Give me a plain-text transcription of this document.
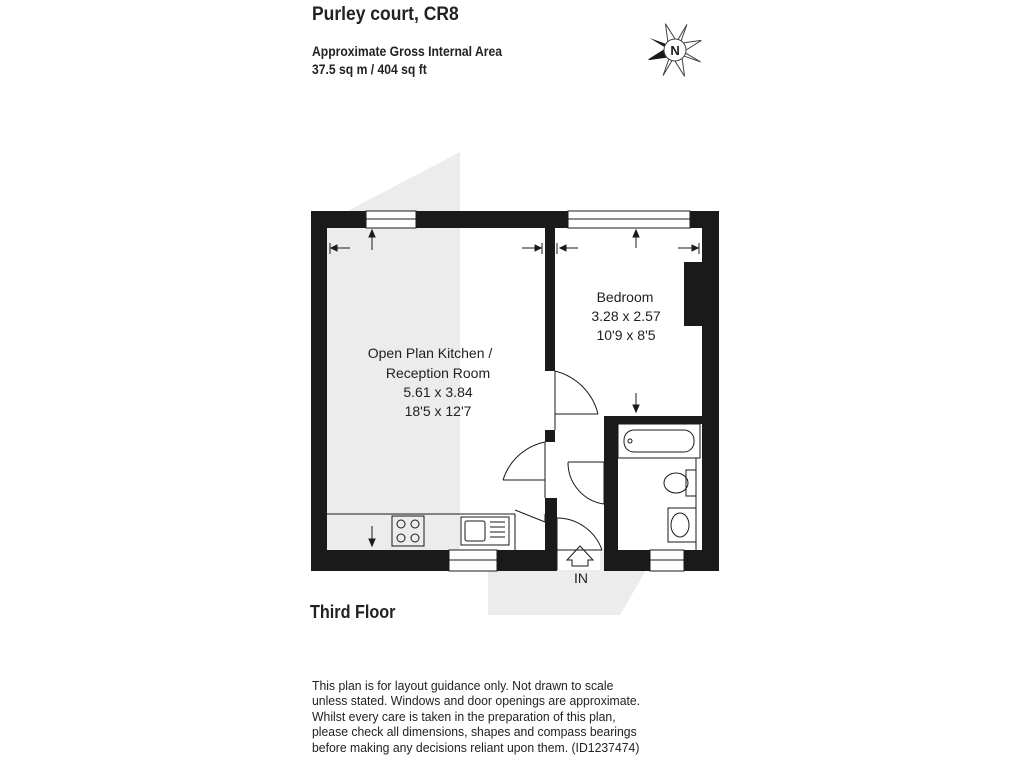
Purley court, CR8
Approximate Gross Internal Area
37.5 sq m / 404 sq ft
Open Plan Kitchen /
Reception Room
5.61 x 3.84
18'5 x 12'7
Bedroom
3.28 x 2.57
10'9 x 8'5
IN
N
Third Floor
This plan is for layout guidance only. Not drawn to scale
unless stated. Windows and door openings are approximate.
Whilst every care is taken in the preparation of this plan,
please check all dimensions, shapes and compass bearings
before making any decisions reliant upon them. (ID1237474)
